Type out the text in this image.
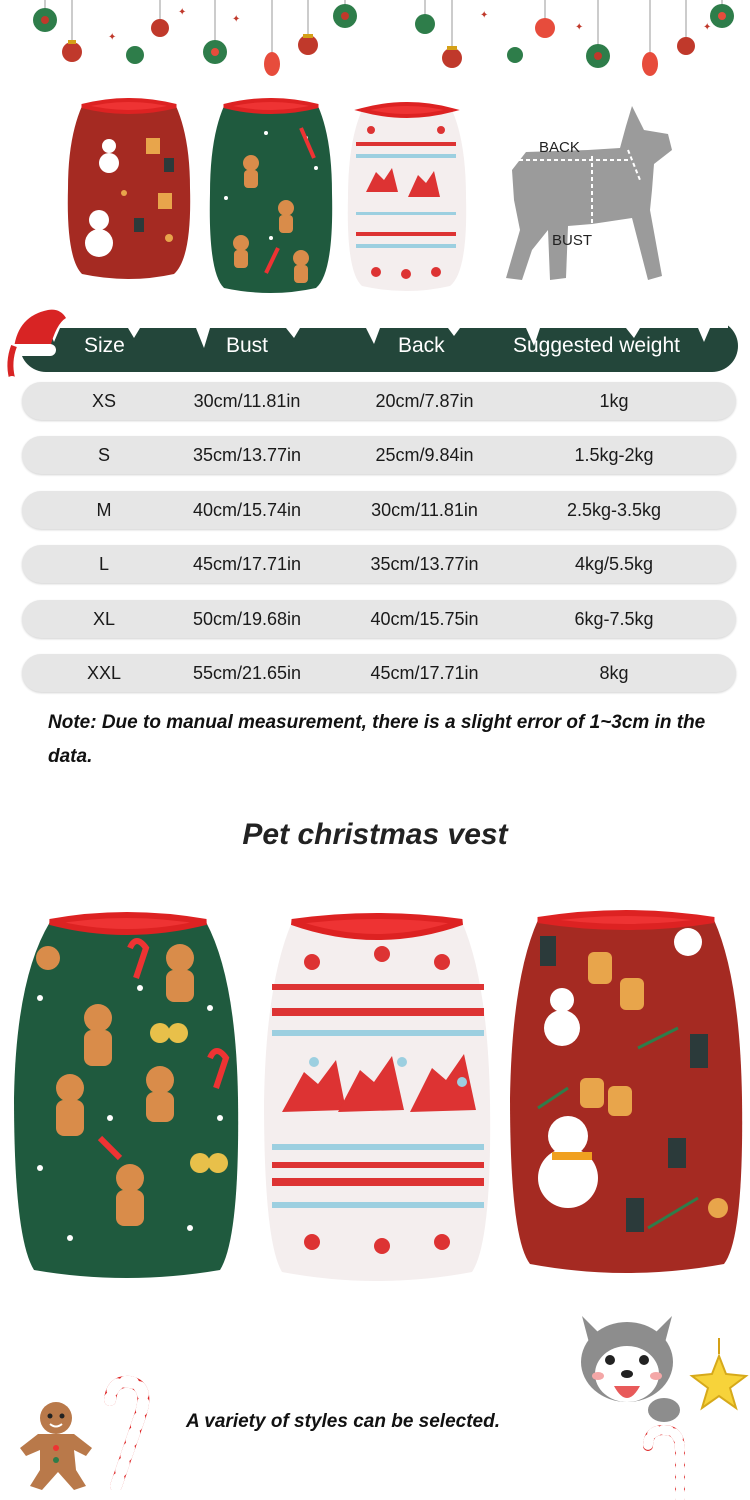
✦
✦
✦	✦
✦	✦
BACK
BUST
Size	Bust	Back	Suggested weight
XS	30cm/11.81in	20cm/7.87in	1kg
S	35cm/13.77in	25cm/9.84in	1.5kg-2kg
M	40cm/15.74in	30cm/11.81in	2.5kg-3.5kg
L	45cm/17.71in	35cm/13.77in	4kg/5.5kg
XL	50cm/19.68in	40cm/15.75in	6kg-7.5kg
XXL	55cm/21.65in	45cm/17.71in	8kg
Note: Due to manual measurement, there is a slight error of 1~3cm in the data.
Pet christmas vest
A variety of styles can be selected.
